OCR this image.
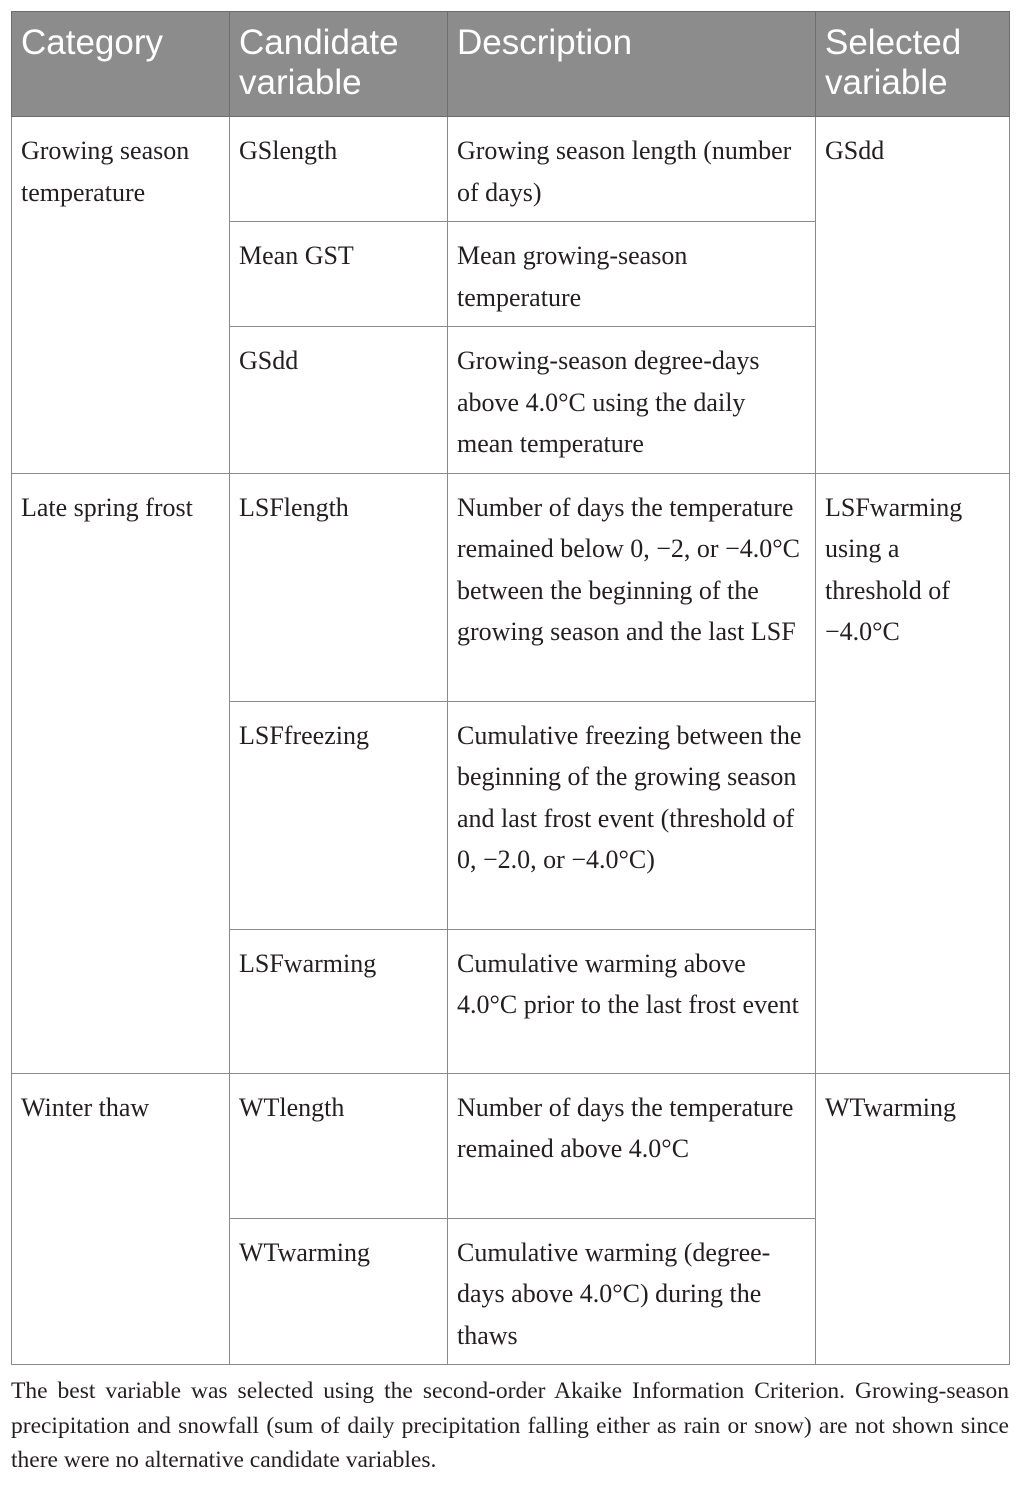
Category	Candidate variable	Description	Selected variable
Growing season temperature	GSlength	Growing season length (number of days)	GSdd
	Mean GST	Mean growing-season temperature	
	GSdd	Growing-season degree-days above 4.0°C using the daily mean temperature	
Late spring frost	LSFlength	Number of days the temperature remained below 0, −2, or −4.0°C between the beginning of the growing season and the last LSF	LSFwarming using a threshold of −4.0°C
	LSFfreezing	Cumulative freezing between the beginning of the growing season and last frost event (threshold of 0, −2.0, or −4.0°C)	
	LSFwarming	Cumulative warming above 4.0°C prior to the last frost event	
Winter thaw	WTlength	Number of days the temperature remained above 4.0°C	WTwarming
	WTwarming	Cumulative warming (degree-days above 4.0°C) during the thaws	
The best variable was selected using the second-order Akaike Information Criterion. Growing-season precipitation and snowfall (sum of daily precipitation falling either as rain or snow) are not shown since there were no alternative candidate variables.
